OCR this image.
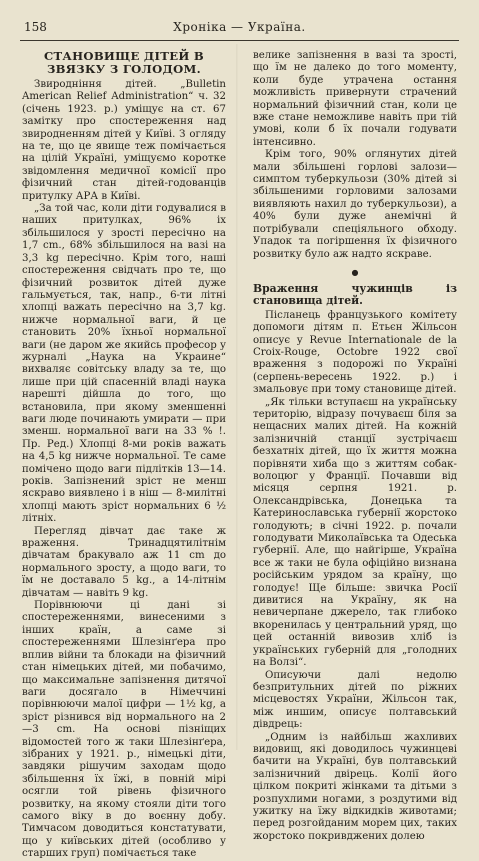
158	Хроніка — Україна.
СТАНОВИЩЕ ДІТЕЙ В ЗВЯЗКУ З ГОЛОДОМ.

Звиродніння дітей. „Bulletin American Relief Administration“ ч. 32 (січень 1923. р.) уміщує на ст. 67 замітку про спостереження над звиродненням дітей у Київі. З огляду на те, що це явище теж помічається на цілій Україні, уміщуємо коротке звідомлення медичної комісії про фізичний стан дітей-годованців притулку АРА в Київі.

„За той час, коли діти годувалися в наших притулках, 96% іх збільшилося у зрості пересічно на 1,7 cm., 68% збільшилося на вазі на 3,3 kg пересічно. Крім того, наші спостереження свідчать про те, що фізичний розвиток дітей дуже гальмується, так, напр., 6-ти літні хлопці важать пересічно на 3,7 kg. нижче нормальної ваги, й це становить 20% їхньої нормальної ваги (не даром же якийсь професор у журналі „Наука на Украине“ вихваляє совітську владу за те, що лише при цій спасенній владі наука нарешті дійшла до того, що встановила, при якому зменшенні ваги люде починають умирати — при зменш. нормальної ваги на 33 % !. Пр. Ред.) Хлопці 8-ми років важать на 4,5 kg нижче нормальної. Те саме помічено щодо ваги підлітків 13—14. років. Запізнений зріст не менш яскраво виявлено і в ніш — 8-милітні хлопці мають зріст нормальних 6 ½ літніх.

Перегляд дівчат дає таке ж враження. Тринадцятилітнім дівчатам бракувало аж 11 cm до нормального зросту, а щодо ваги, то їм не доставало 5 kg., а 14-літнім дівчатам — навіть 9 kg.

Порівнюючи ці дані зі спостереженнями, винесеними з інших країн, а саме зі спостереженнями Шлезінґера про вплив війни та блокади на фізичний стан німецьких дітей, ми побачимо, що максимальне запізнення дитячої ваги досягало в Німеччині порівнюючи малої цифри — 1½ kg, а зріст різнився від нормального на 2—3 cm. На основі пізніщих відомостей того ж таки Шлезінґера, зібраних у 1921. р., німецькі діти, завдяки рішучим заходам щодо збільшення їх їжі, в повній мірі осягли той рівень фізичного розвитку, на якому стояли діти того самого віку в до воєнну добу. Тимчасом доводиться констатувати, що у київських дітей (особливо у старших груп) помічається таке

велике запізнення в вазі та зрості, що їм не далеко до того моменту, коли буде утрачена остання можливість привернути страчений нормальний фізичний стан, коли це вже стане неможливе навіть при тій умові, коли б їх почали годувати інтенсивно.

Крім того, 90% оглянутих дітей мали збільшені горлові залози—симптом туберкульози (30% дітей зі збільшеними горловими залозами виявляють нахил до туберкульози), а 40% були дуже анемічні й потрібували спеціяльного обходу. Упадок та погіршення їх фізичного розвитку було аж надто яскраве.

●
Враження чужинців із становища дітей.

Післанець французького комітету допомоги дітям п. Етьєн Жільсон описує у Revue Internationale de la Croix-Rouge, Octobre 1922 свої враження з подорожі по Україні (серпень-вересень 1922. р.) і змальовує при тому становище дітей.

„Як тільки вступаєш на українську територію, відразу почуваєш біля за нещасних малих дітей. На кожній залізничній станції зустрічаєш безхатніх дітей, що їх життя можна порівняти хиба що з життям собак-волоцюг у Франції. Почавши від місяця серпня 1921. р. Олександрівська, Донецька та Катеринославська губернії жорстоко голодують; в січні 1922. р. почали голодувати Миколаївська та Одеська губернії. Але, що найгірше, Україна все ж таки не була офіційно визнана російським урядом за країну, що голодує! Ще більше: звичка Росії дивитися на Україну, як на невичерпане джерело, так глибоко вкоренилась у центральний уряд, що цей останній вивозив хліб із українських губерній для „голодних на Волзі“.

Описуючи далі недолю безпритульних дітей по ріжних місцевостях України, Жільсон так, між иншим, описує полтавський дівдрець:

„Одним із найбільш жахливих видовищ, які доводилось чужинцеві бачити на Україні, був полтавський залізничний двірець. Колії його цілком покриті жінками та дітьми з розпухлими ногами, з роздутими від ужитку на їжу відкидків животами; перед розгойданим морем цих, таких жорстоко покривджених долею
